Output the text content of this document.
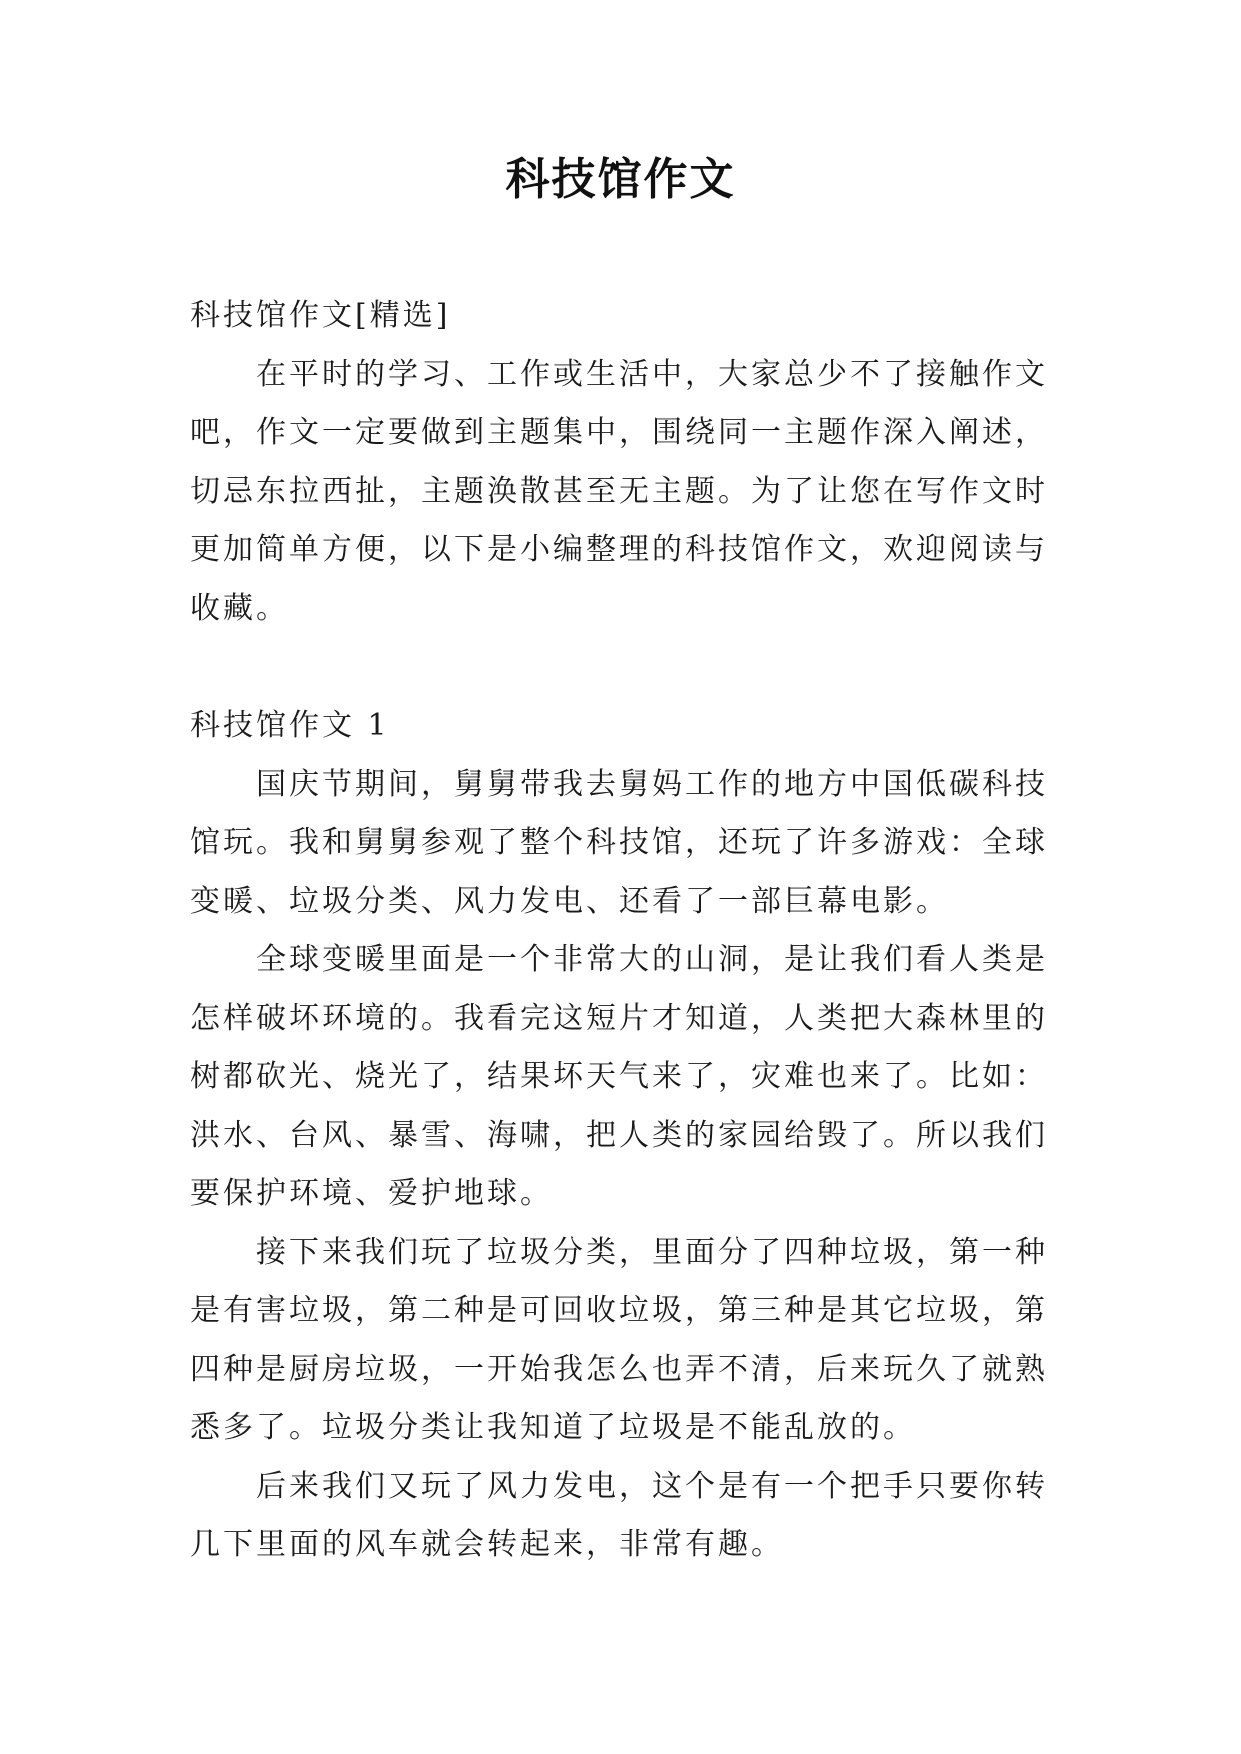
科技馆作文

科技馆作文[精选]

在平时的学习、工作或生活中，大家总少不了接触作文吧，作文一定要做到主题集中，围绕同一主题作深入阐述，切忌东拉西扯，主题涣散甚至无主题。为了让您在写作文时更加简单方便，以下是小编整理的科技馆作文，欢迎阅读与收藏。

科技馆作文 1

国庆节期间，舅舅带我去舅妈工作的地方中国低碳科技馆玩。我和舅舅参观了整个科技馆，还玩了许多游戏：全球变暖、垃圾分类、风力发电、还看了一部巨幕电影。

全球变暖里面是一个非常大的山洞，是让我们看人类是怎样破坏环境的。我看完这短片才知道，人类把大森林里的树都砍光、烧光了，结果坏天气来了，灾难也来了。比如：洪水、台风、暴雪、海啸，把人类的家园给毁了。所以我们要保护环境、爱护地球。

接下来我们玩了垃圾分类，里面分了四种垃圾，第一种是有害垃圾，第二种是可回收垃圾，第三种是其它垃圾，第四种是厨房垃圾，一开始我怎么也弄不清，后来玩久了就熟悉多了。垃圾分类让我知道了垃圾是不能乱放的。

后来我们又玩了风力发电，这个是有一个把手只要你转几下里面的风车就会转起来，非常有趣。
